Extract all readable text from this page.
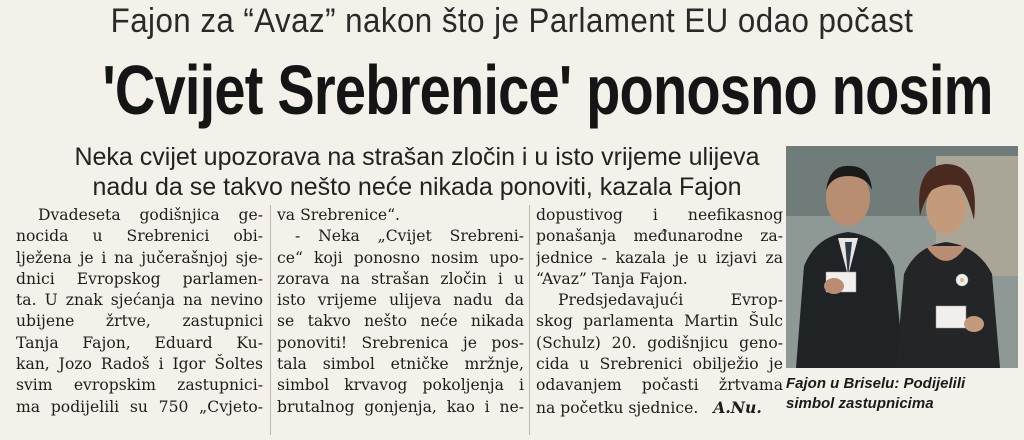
Fajon za “Avaz” nakon što je Parlament EU odao počast
'Cvijet Srebrenice' ponosno nosim
Neka cvijet upozorava na strašan zločin i u isto vrijeme ulijeva
nadu da se takvo nešto neće nikada ponoviti, kazala Fajon
Dvadeseta godišnjica ge-
nocida u Srebrenici obi-
lježena je i na jučerašnjoj sje-
dnici Evropskog parlamen-
ta. U znak sjećanja na nevino
ubijene žrtve, zastupnici
Tanja Fajon, Eduard Ku-
kan, Jozo Radoš i Igor Šoltes
svim evropskim zastupnici-
ma podijelili su 750 „Cvjeto-
va Srebrenice“.
- Neka „Cvijet Srebreni-
ce“ koji ponosno nosim upo-
zorava na strašan zločin i u
isto vrijeme ulijeva nadu da
se takvo nešto neće nikada
ponoviti! Srebrenica je pos-
tala simbol etničke mržnje,
simbol krvavog pokoljenja i
brutalnog gonjenja, kao i ne-
dopustivog i neefikasnog
ponašanja međunarodne za-
jednice - kazala je u izjavi za
“Avaz” Tanja Fajon.
Predsjedavajući Evrop-
skog parlamenta Martin Šulc
(Schulz) 20. godišnjicu geno-
cida u Srebrenici obilježio je
odavanjem počasti žrtvama
na početku sjednice. A.Nu.
Fajon u Briselu: Podijelili
simbol zastupnicima
